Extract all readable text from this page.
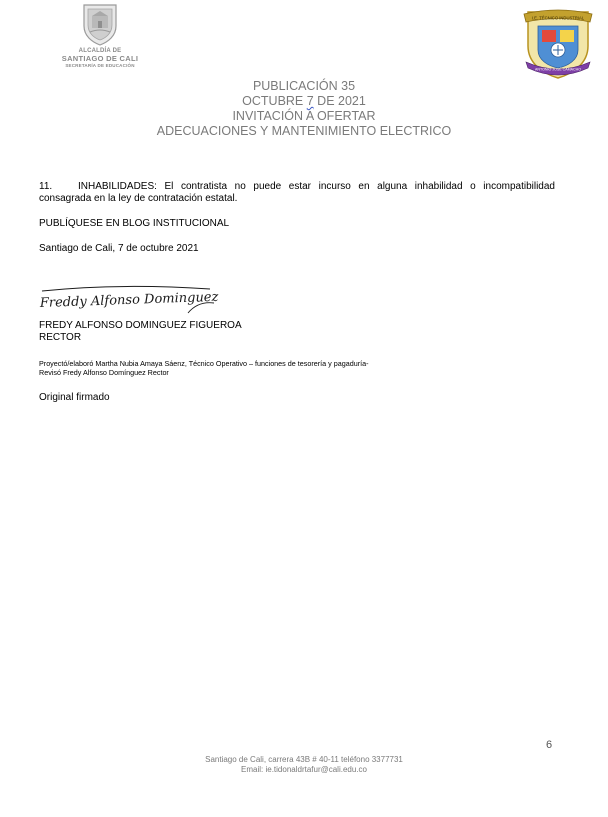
ALCALDÍA DE
SANTIAGO DE CALI
SECRETARÍA DE EDUCACIÓN
I.E. TÉCNICO INDUSTRIAL
ANTONIO JOSÉ CAMACHO
PUBLICACIÓN 35
OCTUBRE 7 DE 2021
INVITACIÓN A OFERTAR
ADECUACIONES Y MANTENIMIENTO ELECTRICO
11.	INHABILIDADES: El contratista no puede estar incurso en alguna inhabilidad o incompatibilidad consagrada en la ley de contratación estatal.
PUBLÍQUESE EN BLOG INSTITUCIONAL
Santiago de Cali, 7 de octubre 2021
Freddy Alfonso Dominguez F
FREDY ALFONSO DOMINGUEZ FIGUEROA
RECTOR
Proyectó/elaboró Martha Nubia Amaya Sáenz, Técnico Operativo – funciones de tesorería y pagaduría-
Revisó Fredy Alfonso Domínguez Rector
Original firmado
6
Santiago de Cali, carrera 43B # 40-11 teléfono 3377731
Email: ie.tidonaldrtafur@cali.edu.co
